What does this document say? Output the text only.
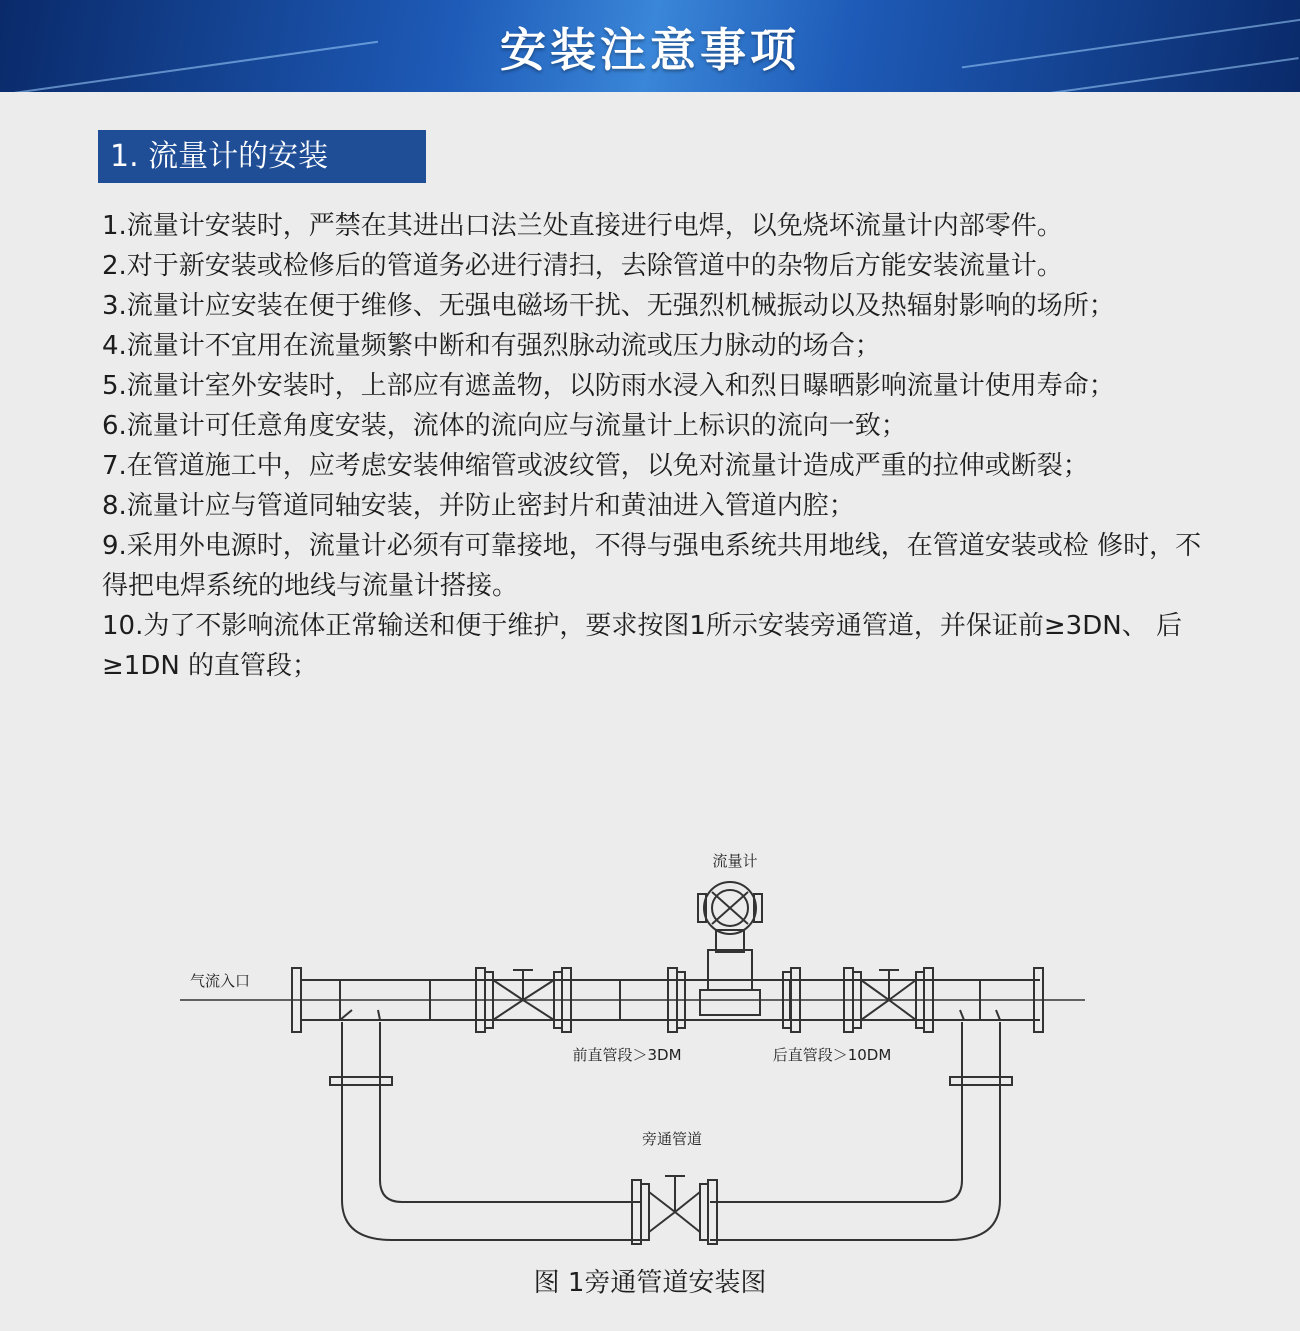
安装注意事项
1. 流量计的安装

1.流量计安装时，严禁在其进出口法兰处直接进行电焊，以免烧坏流量计内部零件。

2.对于新安装或检修后的管道务必进行清扫，去除管道中的杂物后方能安装流量计。

3.流量计应安装在便于维修、无强电磁场干扰、无强烈机械振动以及热辐射影响的场所；

4.流量计不宜用在流量频繁中断和有强烈脉动流或压力脉动的场合；

5.流量计室外安装时，上部应有遮盖物，以防雨水浸入和烈日曝晒影响流量计使用寿命；

6.流量计可任意角度安装，流体的流向应与流量计上标识的流向一致；

7.在管道施工中，应考虑安装伸缩管或波纹管，以免对流量计造成严重的拉伸或断裂；

8.流量计应与管道同轴安装，并防止密封片和黄油进入管道内腔；

9.采用外电源时，流量计必须有可靠接地，不得与强电系统共用地线，在管道安装或检 修时，不得把电焊系统的地线与流量计搭接。

10.为了不影响流体正常输送和便于维护，要求按图1所示安装旁通管道，并保证前≥3DN、 后≥1DN 的直管段；

流量计
气流入口
前直管段＞3DM	后直管段＞10DM
旁通管道
图 1旁通管道安装图
